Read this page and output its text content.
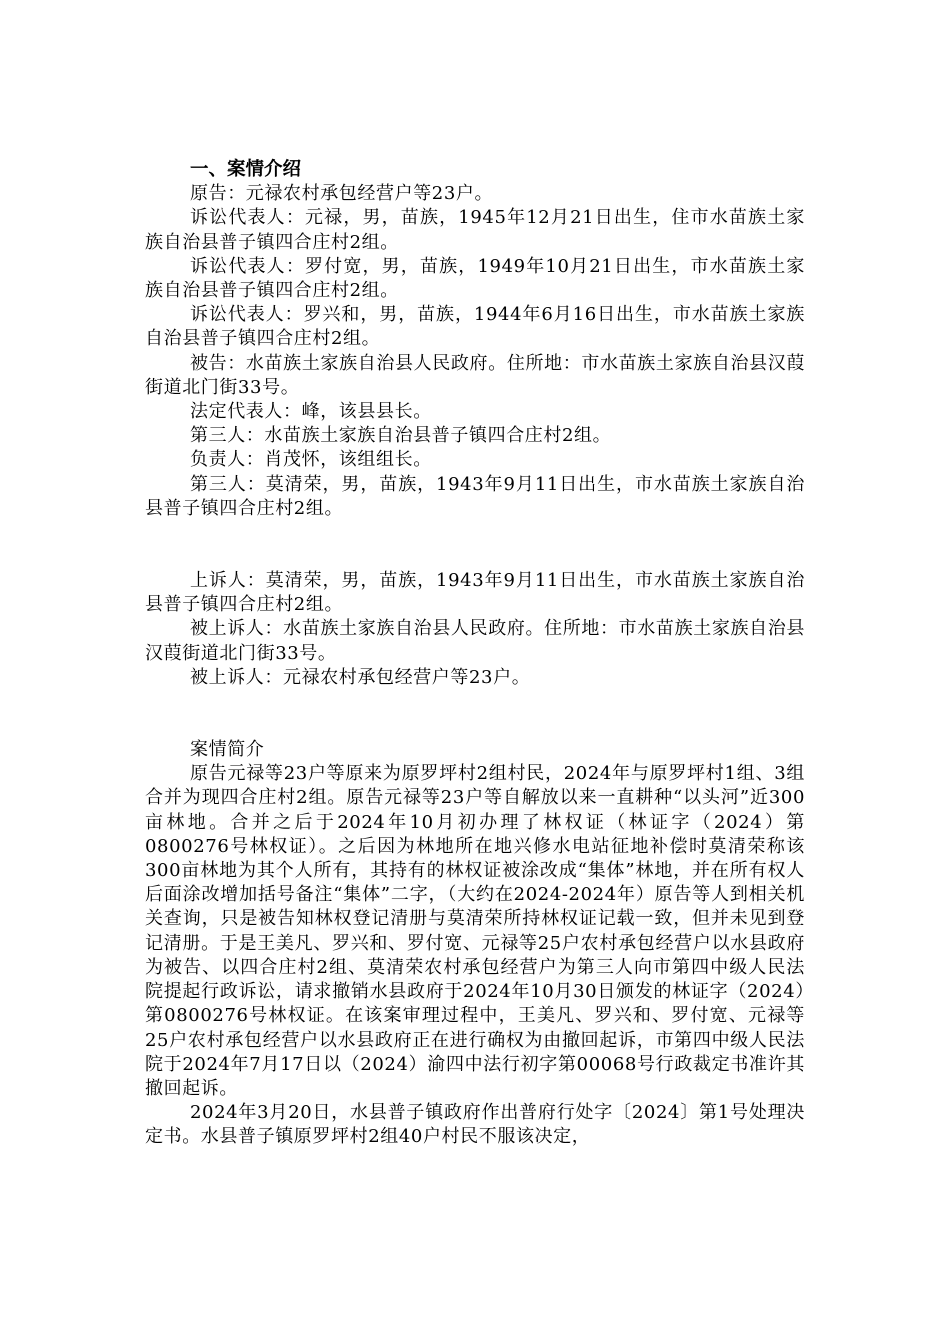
一、案情介绍

原告：元禄农村承包经营户等23户。

诉讼代表人：元禄，男，苗族，1945年12月21日出生，住市水苗族土家族自治县普子镇四合庄村2组。

诉讼代表人：罗付宽，男，苗族，1949年10月21日出生，市水苗族土家族自治县普子镇四合庄村2组。

诉讼代表人：罗兴和，男，苗族，1944年6月16日出生，市水苗族土家族自治县普子镇四合庄村2组。

被告：水苗族土家族自治县人民政府。住所地：市水苗族土家族自治县汉葭街道北门街33号。

法定代表人：峰，该县县长。

第三人：水苗族土家族自治县普子镇四合庄村2组。

负责人：肖茂怀，该组组长。

第三人：莫清荣，男，苗族，1943年9月11日出生，市水苗族土家族自治县普子镇四合庄村2组。

上诉人：莫清荣，男，苗族，1943年9月11日出生，市水苗族土家族自治县普子镇四合庄村2组。

被上诉人：水苗族土家族自治县人民政府。住所地：市水苗族土家族自治县汉葭街道北门街33号。

被上诉人：元禄农村承包经营户等23户。

案情简介

原告元禄等23户等原来为原罗坪村2组村民，2024年与原罗坪村1组、3组合并为现四合庄村2组。原告元禄等23户等自解放以来一直耕种“以头河”近300亩林地。合并之后于2024年10月初办理了林权证（林证字（2024）第0800276号林权证）。之后因为林地所在地兴修水电站征地补偿时莫清荣称该300亩林地为其个人所有，其持有的林权证被涂改成“集体”林地，并在所有权人后面涂改增加括号备注“集体”二字，（大约在2024-2024年）原告等人到相关机关查询，只是被告知林权登记清册与莫清荣所持林权证记载一致，但并未见到登记清册。于是王美凡、罗兴和、罗付宽、元禄等25户农村承包经营户以水县政府为被告、以四合庄村2组、莫清荣农村承包经营户为第三人向市第四中级人民法院提起行政诉讼，请求撤销水县政府于2024年10月30日颁发的林证字（2024）第0800276号林权证。在该案审理过程中，王美凡、罗兴和、罗付宽、元禄等25户农村承包经营户以水县政府正在进行确权为由撤回起诉，市第四中级人民法院于2024年7月17日以（2024）渝四中法行初字第00068号行政裁定书准许其撤回起诉。

2024年3月20日，水县普子镇政府作出普府行处字〔2024〕第1号处理决定书。水县普子镇原罗坪村2组40户村民不服该决定，
